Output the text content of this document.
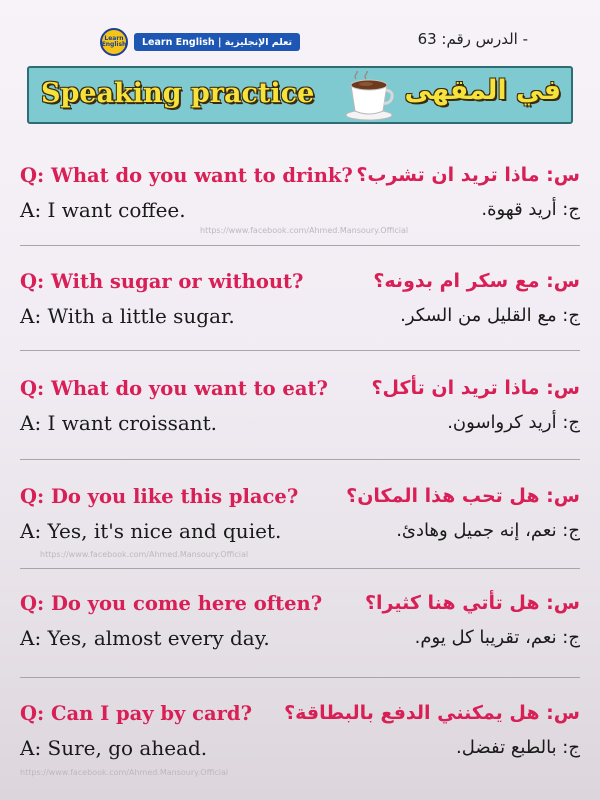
Learn English	Learn English | تعلم الإنجليزية	- الدرس رقم: 63
Speaking practice	في المقهى
Q: What do you want to drink? س: ماذا تريد ان تشرب؟
A: I want coffee.	ج: أريد قهوة.
https://www.facebook.com/Ahmed.Mansoury.Official
Q: With sugar or without?	س: مع سكر ام بدونه؟
A: With a little sugar.	ج: مع القليل من السكر.
Q: What do you want to eat? س: ماذا تريد ان تأكل؟
A: I want croissant.	ج: أريد كرواسون.
Q: Do you like this place?	س: هل تحب هذا المكان؟
A: Yes, it's nice and quiet.	ج: نعم، إنه جميل وهادئ.
https://www.facebook.com/Ahmed.Mansoury.Official
Q: Do you come here often? س: هل تأتي هنا كثيرا؟
A: Yes, almost every day.	ج: نعم، تقريبا كل يوم.
Q: Can I pay by card? س: هل يمكنني الدفع بالبطاقة؟
A: Sure, go ahead.	ج: بالطبع تفضل.
https://www.facebook.com/Ahmed.Mansoury.Official
